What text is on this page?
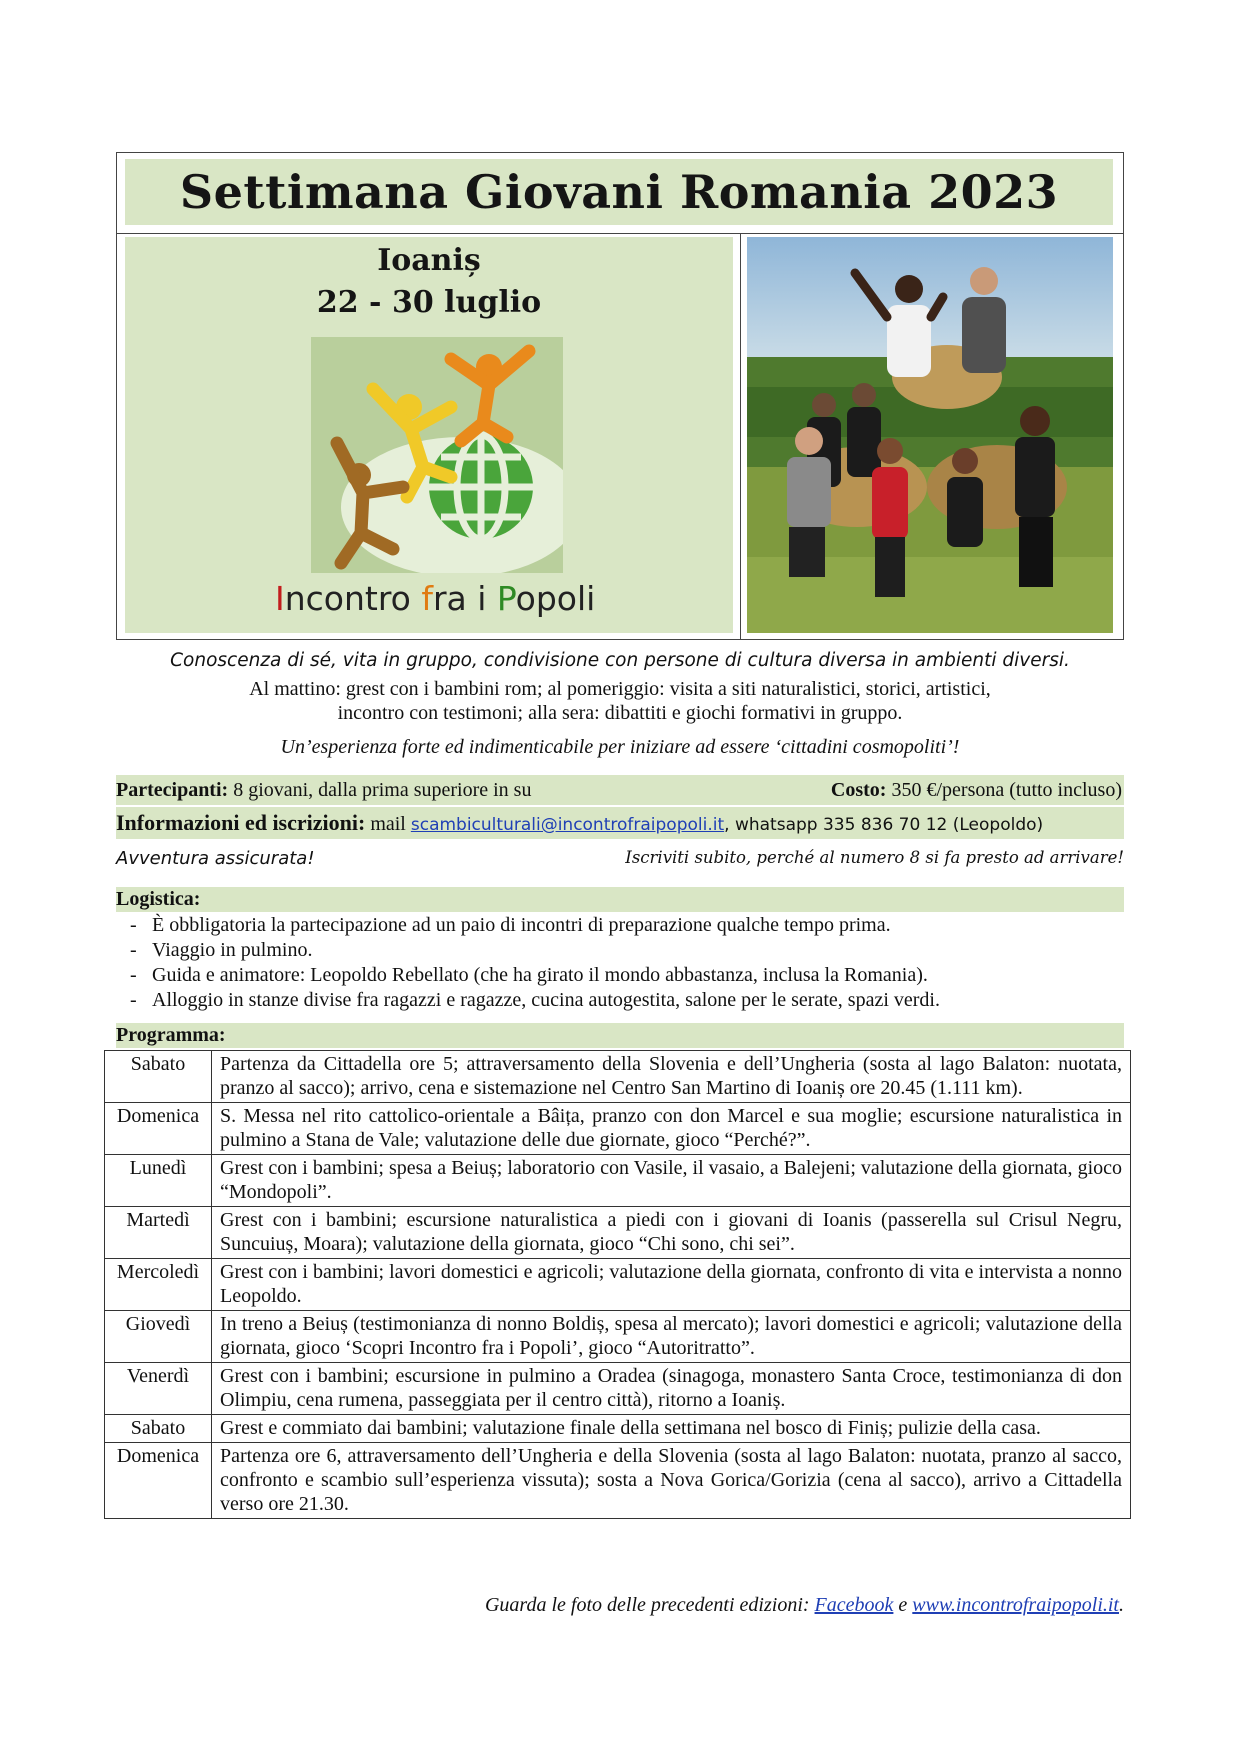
Settimana Giovani Romania 2023
Ioaniș
22 - 30 luglio
Incontro fra i Popoli
Conoscenza di sé, vita in gruppo, condivisione con persone di cultura diversa in ambienti diversi.
Al mattino: grest con i bambini rom; al pomeriggio: visita a siti naturalistici, storici, artistici,
incontro con testimoni; alla sera: dibattiti e giochi formativi in gruppo.
Un’esperienza forte ed indimenticabile per iniziare ad essere ‘cittadini cosmopoliti’!
Partecipanti: 8 giovani, dalla prima superiore in su	Costo: 350 €/persona (tutto incluso)
Informazioni ed iscrizioni: mail scambiculturali@incontrofraipopoli.it, whatsapp 335 836 70 12 (Leopoldo)
Avventura assicurata!	Iscriviti subito, perché al numero 8 si fa presto ad arrivare!
Logistica:
- È obbligatoria la partecipazione ad un paio di incontri di preparazione qualche tempo prima.
- Viaggio in pulmino.
- Guida e animatore: Leopoldo Rebellato (che ha girato il mondo abbastanza, inclusa la Romania).
- Alloggio in stanze divise fra ragazzi e ragazze, cucina autogestita, salone per le serate, spazi verdi.
Programma:
Sabato	Partenza da Cittadella ore 5; attraversamento della Slovenia e dell’Ungheria (sosta al lago Balaton: nuotata, pranzo al sacco); arrivo, cena e sistemazione nel Centro San Martino di Ioaniș ore 20.45 (1.111 km).
Domenica	S. Messa nel rito cattolico-orientale a Bâița, pranzo con don Marcel e sua moglie; escursione naturalistica in pulmino a Stana de Vale; valutazione delle due giornate, gioco “Perché?”.
Lunedì	Grest con i bambini; spesa a Beiuș; laboratorio con Vasile, il vasaio, a Balejeni; valutazione della giornata, gioco “Mondopoli”.
Martedì	Grest con i bambini; escursione naturalistica a piedi con i giovani di Ioanis (passerella sul Crisul Negru, Suncuiuș, Moara); valutazione della giornata, gioco “Chi sono, chi sei”.
Mercoledì	Grest con i bambini; lavori domestici e agricoli; valutazione della giornata, confronto di vita e intervista a nonno Leopoldo.
Giovedì	In treno a Beiuș (testimonianza di nonno Boldiș, spesa al mercato); lavori domestici e agricoli; valutazione della giornata, gioco ‘Scopri Incontro fra i Popoli’, gioco “Autoritratto”.
Venerdì	Grest con i bambini; escursione in pulmino a Oradea (sinagoga, monastero Santa Croce, testimonianza di don Olimpiu, cena rumena, passeggiata per il centro città), ritorno a Ioaniș.
Sabato	Grest e commiato dai bambini; valutazione finale della settimana nel bosco di Finiș; pulizie della casa.
Domenica	Partenza ore 6, attraversamento dell’Ungheria e della Slovenia (sosta al lago Balaton: nuotata, pranzo al sacco, confronto e scambio sull’esperienza vissuta); sosta a Nova Gorica/Gorizia (cena al sacco), arrivo a Cittadella verso ore 21.30.
Guarda le foto delle precedenti edizioni: Facebook e www.incontrofraipopoli.it.
